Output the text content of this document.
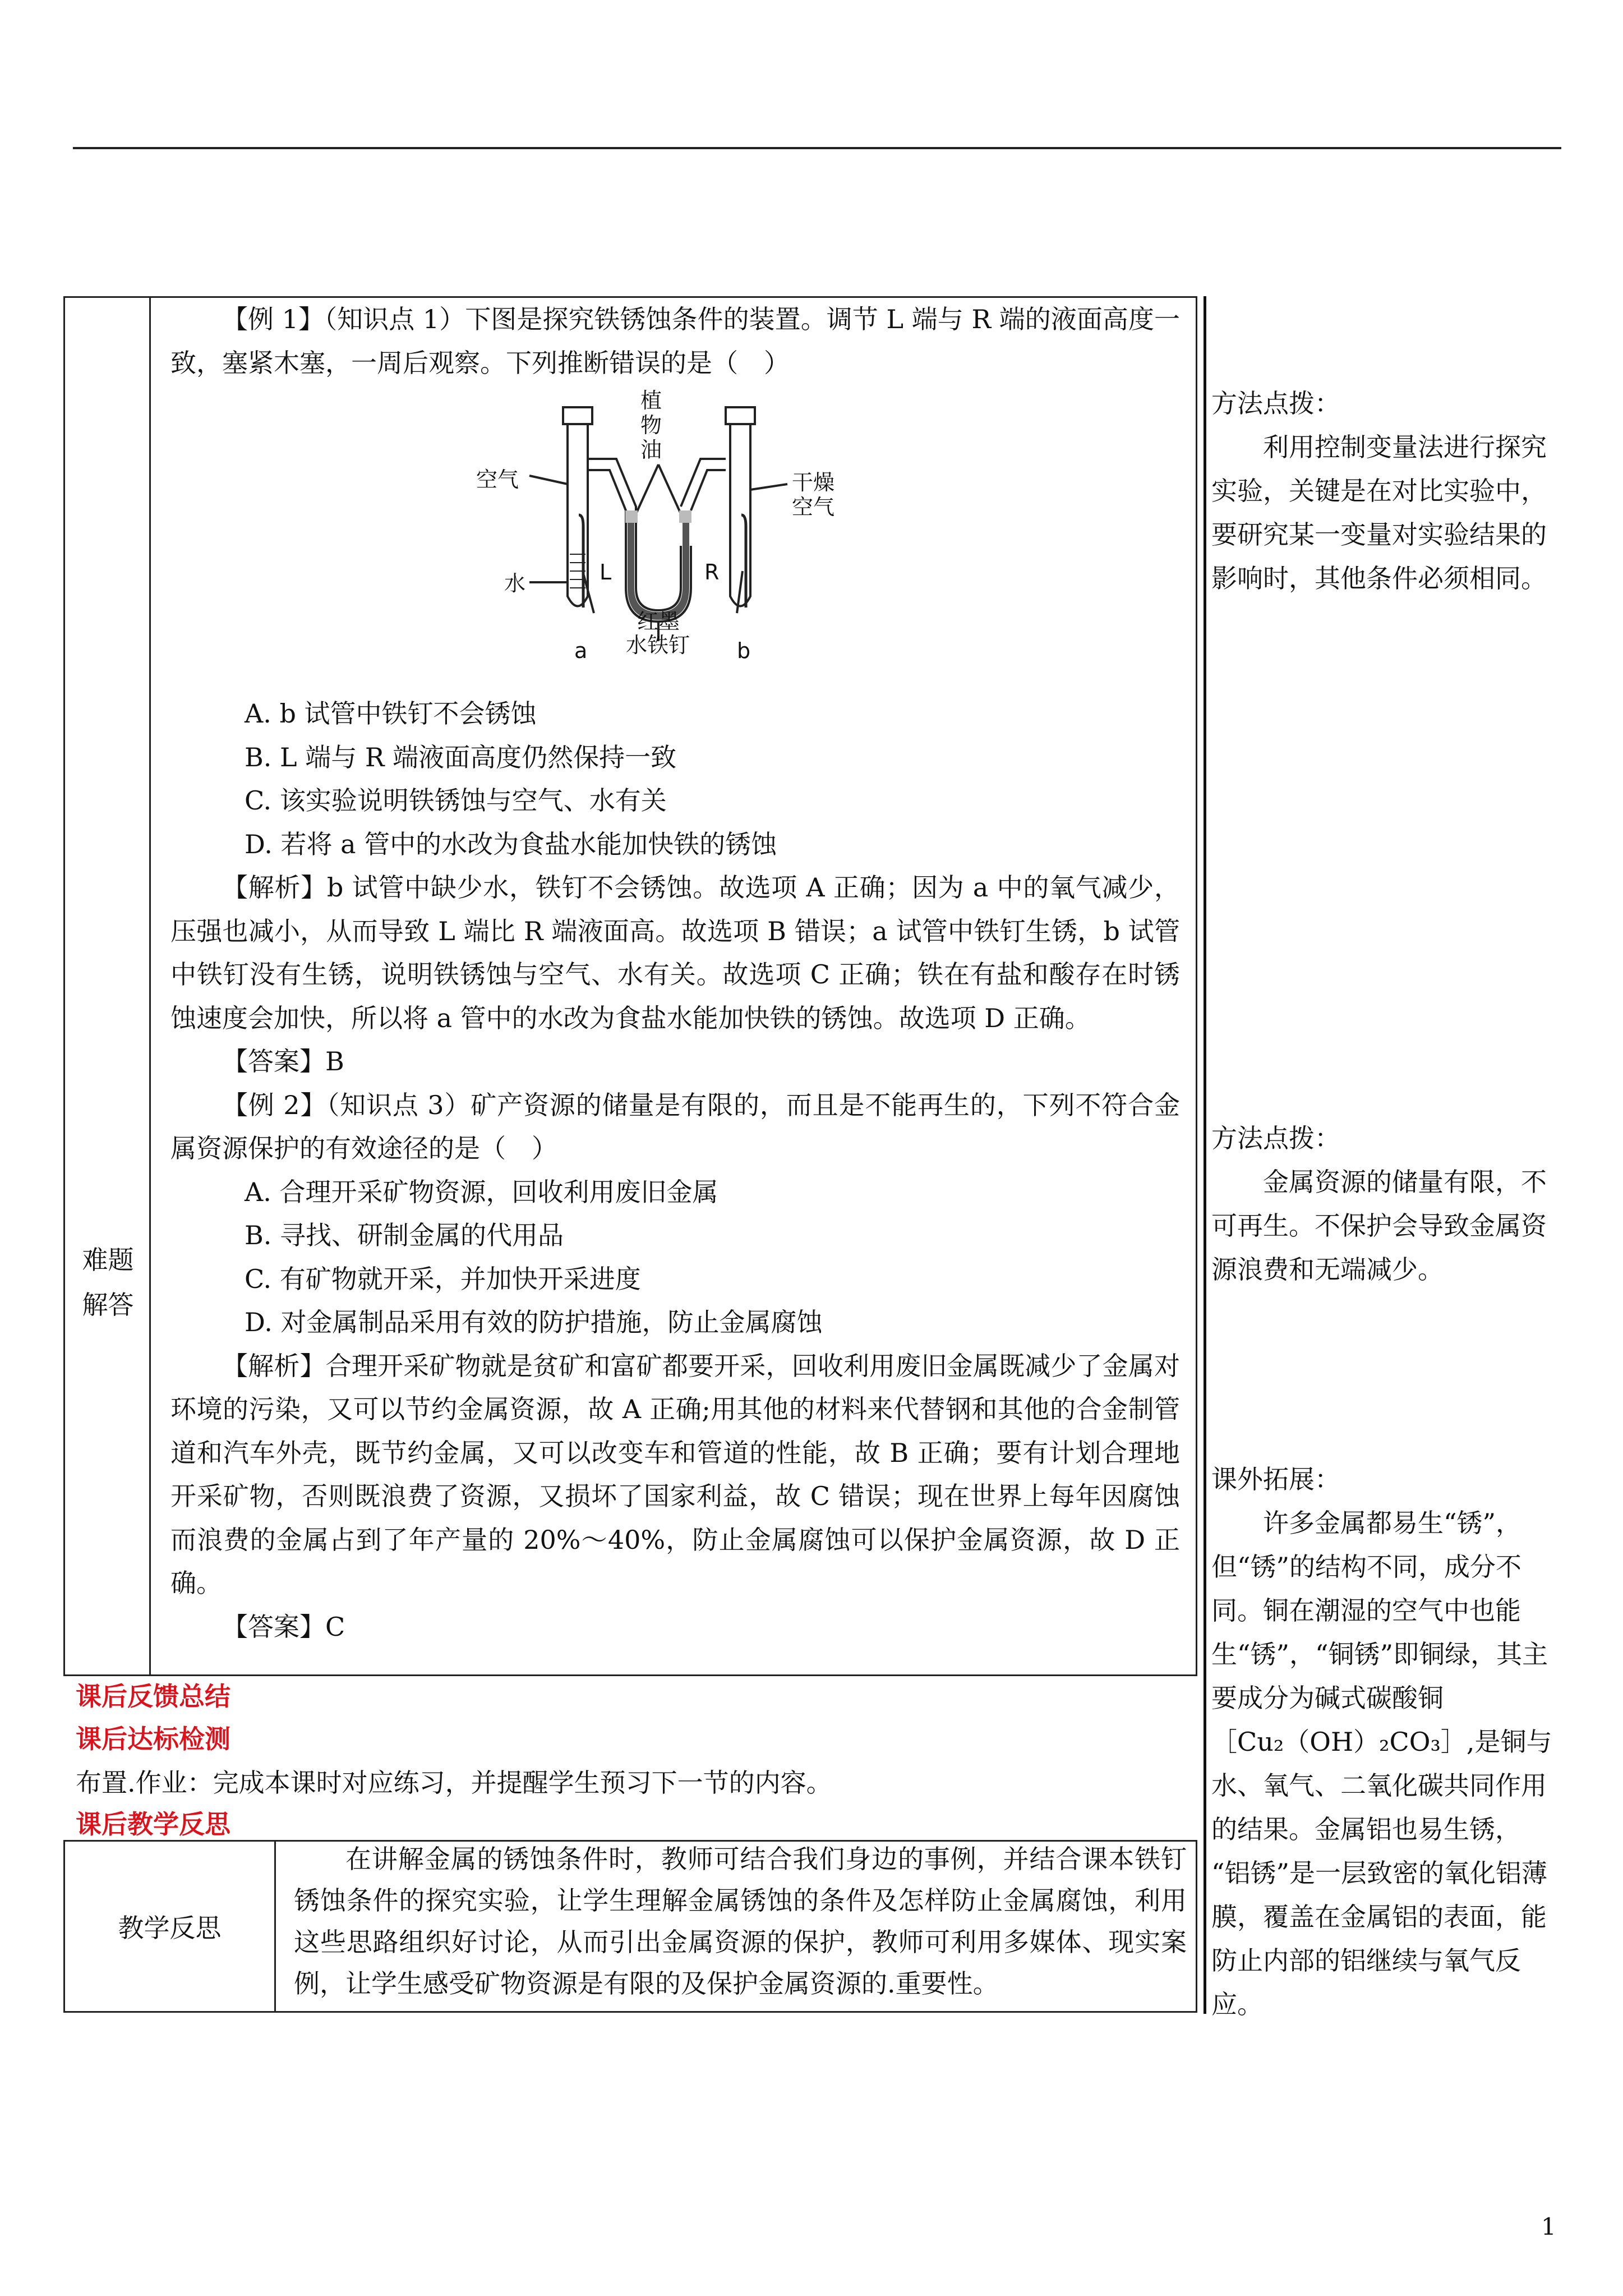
难题
解答

【例 1】（知识点 1）下图是探究铁锈蚀条件的装置。调节 L 端与 R 端的液面高度一致，塞紧木塞，一周后观察。下列推断错误的是（　）

植
物
油
空气	干燥
空气
水	L	R
红墨
水铁钉
a	b

A. b 试管中铁钉不会锈蚀

B. L 端与 R 端液面高度仍然保持一致

C. 该实验说明铁锈蚀与空气、水有关

D. 若将 a 管中的水改为食盐水能加快铁的锈蚀

【解析】b 试管中缺少水，铁钉不会锈蚀。故选项 A 正确；因为 a 中的氧气减少，压强也减小，从而导致 L 端比 R 端液面高。故选项 B 错误；a 试管中铁钉生锈，b 试管中铁钉没有生锈，说明铁锈蚀与空气、水有关。故选项 C 正确；铁在有盐和酸存在时锈蚀速度会加快，所以将 a 管中的水改为食盐水能加快铁的锈蚀。故选项 D 正确。

【答案】B

【例 2】（知识点 3）矿产资源的储量是有限的，而且是不能再生的，下列不符合金属资源保护的有效途径的是（　）

A. 合理开采矿物资源，回收利用废旧金属

B. 寻找、研制金属的代用品

C. 有矿物就开采，并加快开采进度

D. 对金属制品采用有效的防护措施，防止金属腐蚀

【解析】合理开采矿物就是贫矿和富矿都要开采，回收利用废旧金属既减少了金属对环境的污染，又可以节约金属资源，故 A 正确;用其他的材料来代替钢和其他的合金制管道和汽车外壳，既节约金属，又可以改变车和管道的性能，故 B 正确；要有计划合理地开采矿物，否则既浪费了资源，又损坏了国家利益，故 C 错误；现在世界上每年因腐蚀而浪费的金属占到了年产量的 20%～40%，防止金属腐蚀可以保护金属资源，故 D 正确。

【答案】C

方法点拨：

利用控制变量法进行探究实验，关键是在对比实验中，要研究某一变量对实验结果的影响时，其他条件必须相同。

方法点拨：

金属资源的储量有限，不可再生。不保护会导致金属资源浪费和无端减少。

课外拓展：

许多金属都易生“锈”，但“锈”的结构不同，成分不同。铜在潮湿的空气中也能生“锈”，“铜锈”即铜绿，其主要成分为碱式碳酸铜

［Cu₂（OH）₂CO₃］,是铜与水、氧气、二氧化碳共同作用的结果。金属铝也易生锈，

“铝锈”是一层致密的氧化铝薄膜，覆盖在金属铝的表面，能防止内部的铝继续与氧气反应。

课后反馈总结
课后达标检测
布置.作业：完成本课时对应练习，并提醒学生预习下一节的内容。
课后教学反思
教学反思

在讲解金属的锈蚀条件时，教师可结合我们身边的事例，并结合课本铁钉锈蚀条件的探究实验，让学生理解金属锈蚀的条件及怎样防止金属腐蚀，利用这些思路组织好讨论，从而引出金属资源的保护，教师可利用多媒体、现实案例，让学生感受矿物资源是有限的及保护金属资源的.重要性。

1
